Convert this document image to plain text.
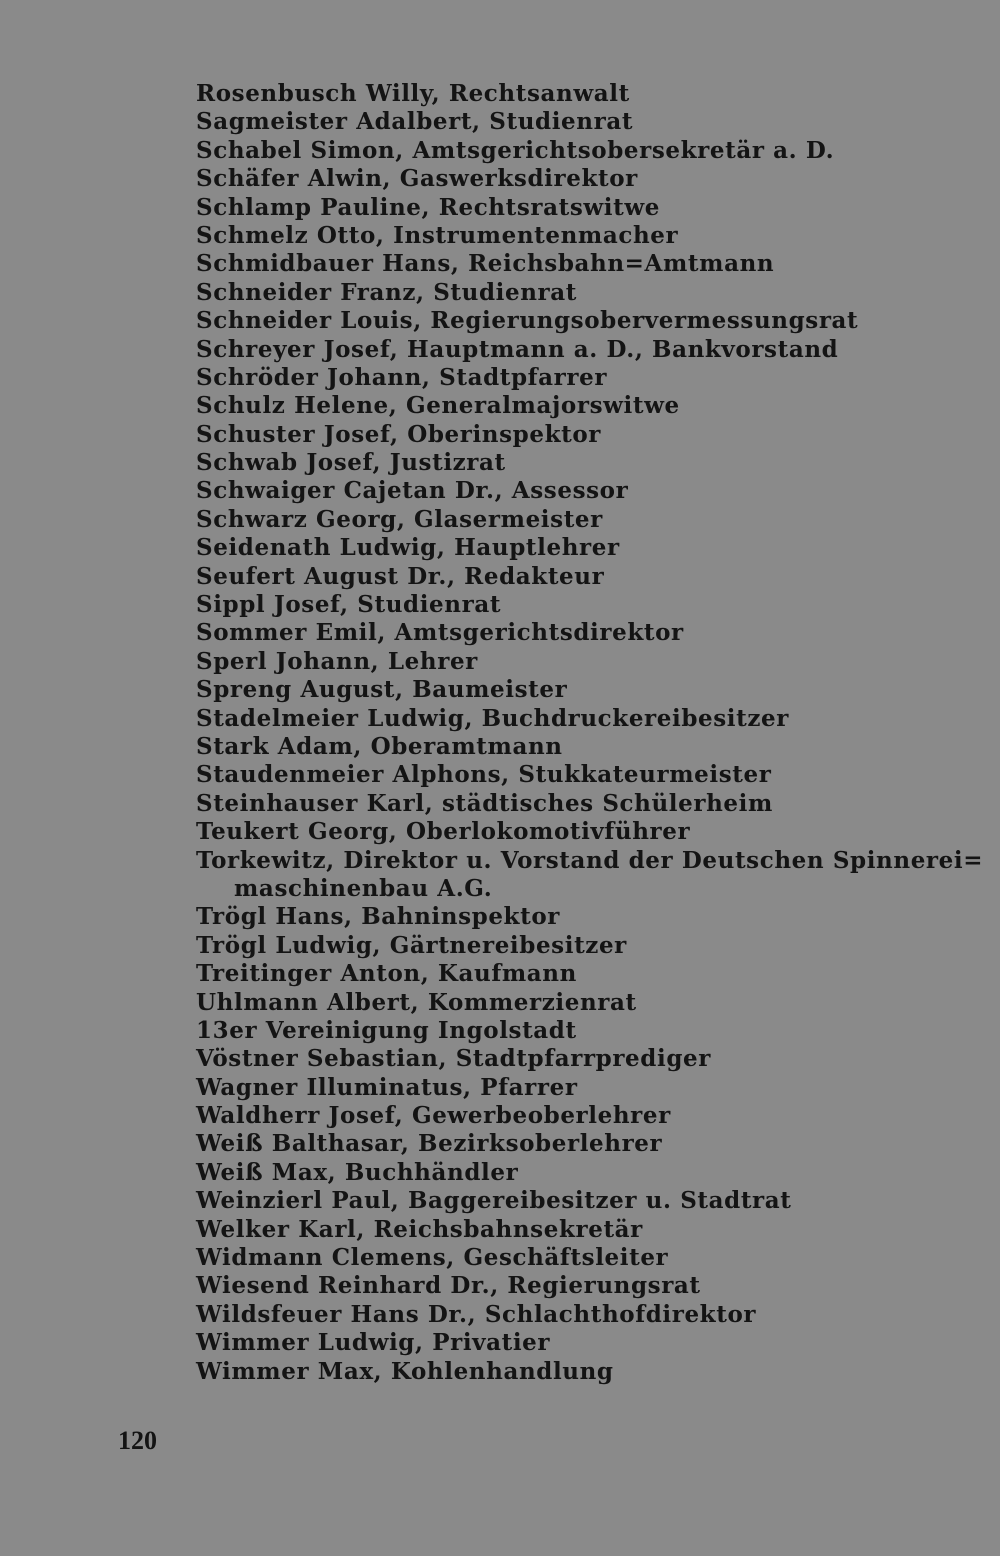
Rosenbusch Willy, Rechtsanwalt
Sagmeister Adalbert, Studienrat
Schabel Simon, Amtsgerichtsobersekretär a. D.
Schäfer Alwin, Gaswerksdirektor
Schlamp Pauline, Rechtsratswitwe
Schmelz Otto, Instrumentenmacher
Schmidbauer Hans, Reichsbahn=Amtmann
Schneider Franz, Studienrat
Schneider Louis, Regierungsobervermessungsrat
Schreyer Josef, Hauptmann a. D., Bankvorstand
Schröder Johann, Stadtpfarrer
Schulz Helene, Generalmajorswitwe
Schuster Josef, Oberinspektor
Schwab Josef, Justizrat
Schwaiger Cajetan Dr., Assessor
Schwarz Georg, Glasermeister
Seidenath Ludwig, Hauptlehrer
Seufert August Dr., Redakteur
Sippl Josef, Studienrat
Sommer Emil, Amtsgerichtsdirektor
Sperl Johann, Lehrer
Spreng August, Baumeister
Stadelmeier Ludwig, Buchdruckereibesitzer
Stark Adam, Oberamtmann
Staudenmeier Alphons, Stukkateurmeister
Steinhauser Karl, städtisches Schülerheim
Teukert Georg, Oberlokomotivführer
Torkewitz, Direktor u. Vorstand der Deutschen Spinnerei=
maschinenbau A.G.
Trögl Hans, Bahninspektor
Trögl Ludwig, Gärtnereibesitzer
Treitinger Anton, Kaufmann
Uhlmann Albert, Kommerzienrat
13er Vereinigung Ingolstadt
Vöstner Sebastian, Stadtpfarrprediger
Wagner Illuminatus, Pfarrer
Waldherr Josef, Gewerbeoberlehrer
Weiß Balthasar, Bezirksoberlehrer
Weiß Max, Buchhändler
Weinzierl Paul, Baggereibesitzer u. Stadtrat
Welker Karl, Reichsbahnsekretär
Widmann Clemens, Geschäftsleiter
Wiesend Reinhard Dr., Regierungsrat
Wildsfeuer Hans Dr., Schlachthofdirektor
Wimmer Ludwig, Privatier
Wimmer Max, Kohlenhandlung
120
